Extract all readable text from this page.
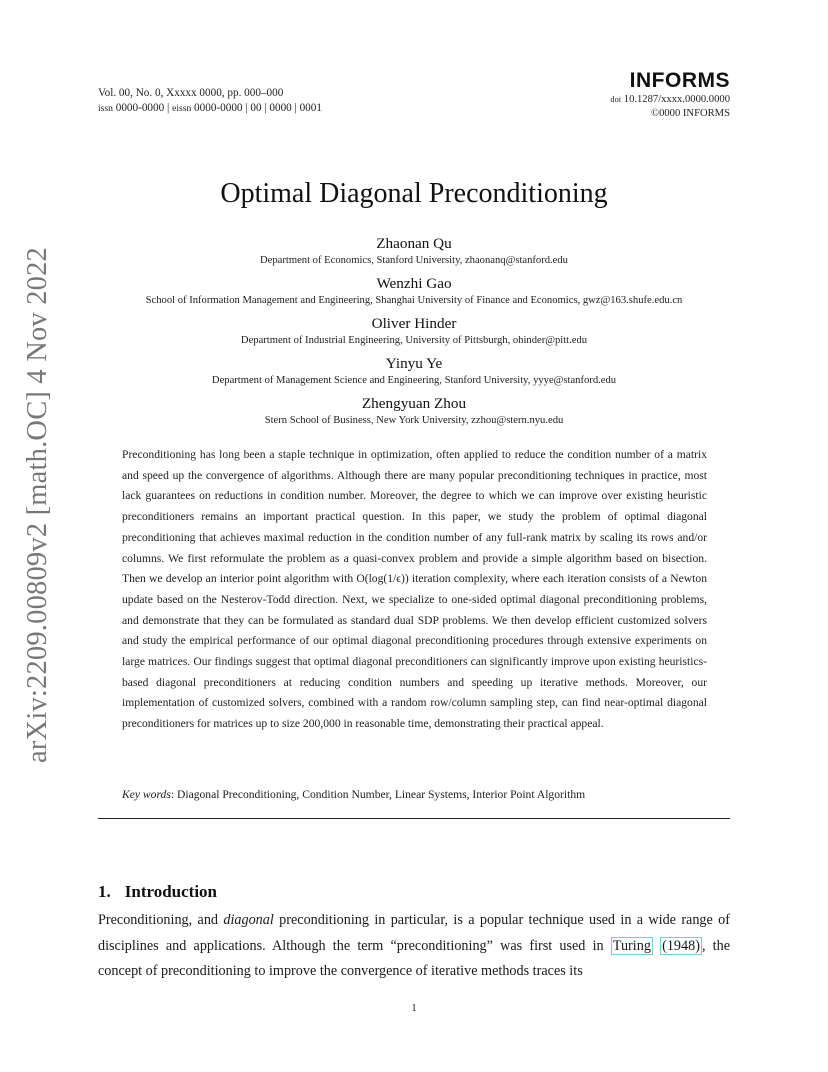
arXiv:2209.00809v2 [math.OC] 4 Nov 2022
Vol. 00, No. 0, Xxxxx 0000, pp. 000–000
issn 0000-0000 | eissn 0000-0000 | 00 | 0000 | 0001
INFORMS
doi 10.1287/xxxx.0000.0000
©0000 INFORMS
Optimal Diagonal Preconditioning
Zhaonan Qu
Department of Economics, Stanford University, zhaonanq@stanford.edu
Wenzhi Gao
School of Information Management and Engineering, Shanghai University of Finance and Economics, gwz@163.shufe.edu.cn
Oliver Hinder
Department of Industrial Engineering, University of Pittsburgh, ohinder@pitt.edu
Yinyu Ye
Department of Management Science and Engineering, Stanford University, yyye@stanford.edu
Zhengyuan Zhou
Stern School of Business, New York University, zzhou@stern.nyu.edu
Preconditioning has long been a staple technique in optimization, often applied to reduce the condition number of a matrix and speed up the convergence of algorithms. Although there are many popular preconditioning techniques in practice, most lack guarantees on reductions in condition number. Moreover, the degree to which we can improve over existing heuristic preconditioners remains an important practical question. In this paper, we study the problem of optimal diagonal preconditioning that achieves maximal reduction in the condition number of any full-rank matrix by scaling its rows and/or columns. We first reformulate the problem as a quasi-convex problem and provide a simple algorithm based on bisection. Then we develop an interior point algorithm with O(log(1/ϵ)) iteration complexity, where each iteration consists of a Newton update based on the Nesterov-Todd direction. Next, we specialize to one-sided optimal diagonal preconditioning problems, and demonstrate that they can be formulated as standard dual SDP problems. We then develop efficient customized solvers and study the empirical performance of our optimal diagonal preconditioning procedures through extensive experiments on large matrices. Our findings suggest that optimal diagonal preconditioners can significantly improve upon existing heuristics-based diagonal preconditioners at reducing condition numbers and speeding up iterative methods. Moreover, our implementation of customized solvers, combined with a random row/column sampling step, can find near-optimal diagonal preconditioners for matrices up to size 200,000 in reasonable time, demonstrating their practical appeal.
Key words: Diagonal Preconditioning, Condition Number, Linear Systems, Interior Point Algorithm
1. Introduction
Preconditioning, and diagonal preconditioning in particular, is a popular technique used in a wide range of disciplines and applications. Although the term “preconditioning” was first used in Turing (1948) , the concept of preconditioning to improve the convergence of iterative methods traces its
1
